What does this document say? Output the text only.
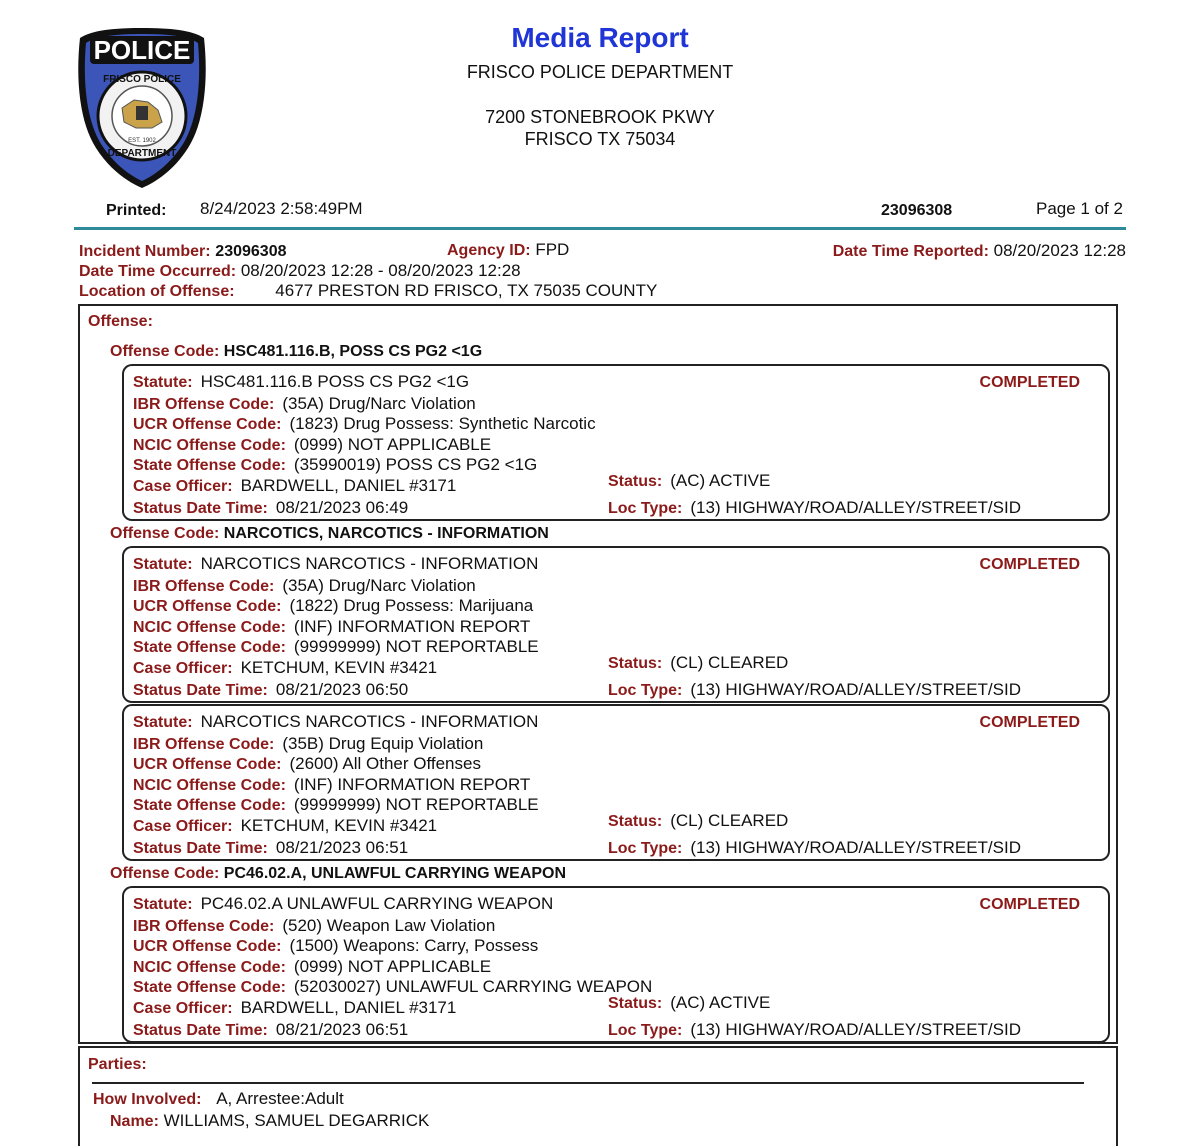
POLICE
FRISCO POLICE
DEPARTMENT
EST. 1902
Media Report
FRISCO POLICE DEPARTMENT
7200 STONEBROOK PKWY
FRISCO TX 75034
Printed: 8/24/2023 2:58:49PM	23096308	Page 1 of 2
Incident Number: 23096308	Agency ID: FPD	Date Time Reported: 08/20/2023 12:28
Date Time Occurred: 08/20/2023 12:28 - 08/20/2023 12:28
Location of Offense: 4677 PRESTON RD FRISCO, TX 75035 COUNTY
Offense:
Offense Code: HSC481.116.B, POSS CS PG2 <1G
Offense Code: NARCOTICS, NARCOTICS - INFORMATION
Offense Code: PC46.02.A, UNLAWFUL CARRYING WEAPON
Statute: HSC481.116.B POSS CS PG2 <1G
IBR Offense Code: (35A) Drug/Narc Violation
UCR Offense Code: (1823) Drug Possess: Synthetic Narcotic
NCIC Offense Code: (0999) NOT APPLICABLE
State Offense Code: (35990019) POSS CS PG2 <1G
Case Officer: BARDWELL, DANIEL #3171
Status Date Time: 08/21/2023 06:49
Status: (AC) ACTIVE
Loc Type: (13) HIGHWAY/ROAD/ALLEY/STREET/SID
COMPLETED
Statute: NARCOTICS NARCOTICS - INFORMATION
IBR Offense Code: (35A) Drug/Narc Violation
UCR Offense Code: (1822) Drug Possess: Marijuana
NCIC Offense Code: (INF) INFORMATION REPORT
State Offense Code: (99999999) NOT REPORTABLE
Case Officer: KETCHUM, KEVIN #3421
Status Date Time: 08/21/2023 06:50
Status: (CL) CLEARED
Loc Type: (13) HIGHWAY/ROAD/ALLEY/STREET/SID
COMPLETED
Statute: NARCOTICS NARCOTICS - INFORMATION
IBR Offense Code: (35B) Drug Equip Violation
UCR Offense Code: (2600) All Other Offenses
NCIC Offense Code: (INF) INFORMATION REPORT
State Offense Code: (99999999) NOT REPORTABLE
Case Officer: KETCHUM, KEVIN #3421
Status Date Time: 08/21/2023 06:51
Status: (CL) CLEARED
Loc Type: (13) HIGHWAY/ROAD/ALLEY/STREET/SID
COMPLETED
Statute: PC46.02.A UNLAWFUL CARRYING WEAPON
IBR Offense Code: (520) Weapon Law Violation
UCR Offense Code: (1500) Weapons: Carry, Possess
NCIC Offense Code: (0999) NOT APPLICABLE
State Offense Code: (52030027) UNLAWFUL CARRYING WEAPON
Case Officer: BARDWELL, DANIEL #3171
Status Date Time: 08/21/2023 06:51
Status: (AC) ACTIVE
Loc Type: (13) HIGHWAY/ROAD/ALLEY/STREET/SID
COMPLETED
Parties:
How Involved: A, Arrestee:Adult
Name: WILLIAMS, SAMUEL DEGARRICK
